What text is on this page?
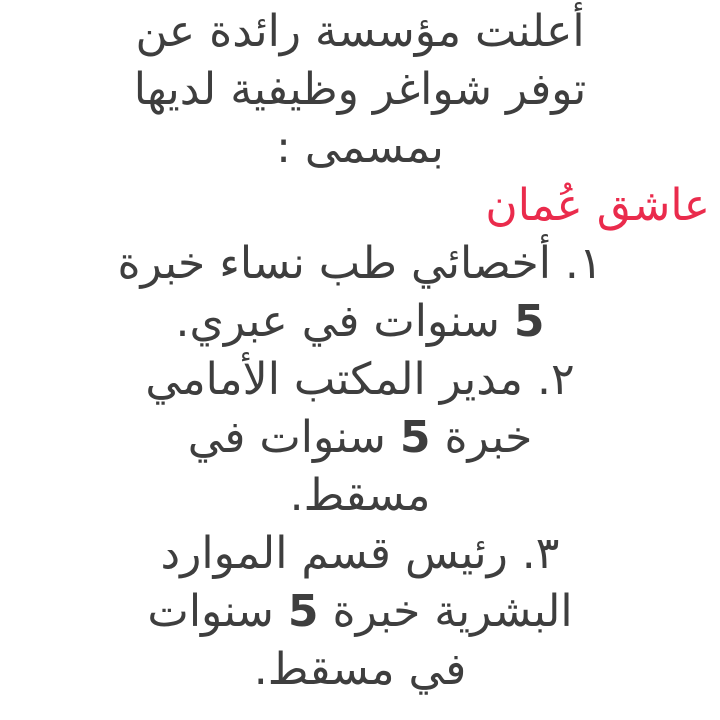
أعلنت مؤسسة رائدة عن
توفر شواغر وظيفية لديها
بمسمى :
عاشق عُمان
١. أخصائي طب نساء خبرة
5 سنوات في عبري.
٢. مدير المكتب الأمامي
خبرة 5 سنوات في
مسقط.
٣. رئيس قسم الموارد
البشرية خبرة 5 سنوات
في مسقط.
